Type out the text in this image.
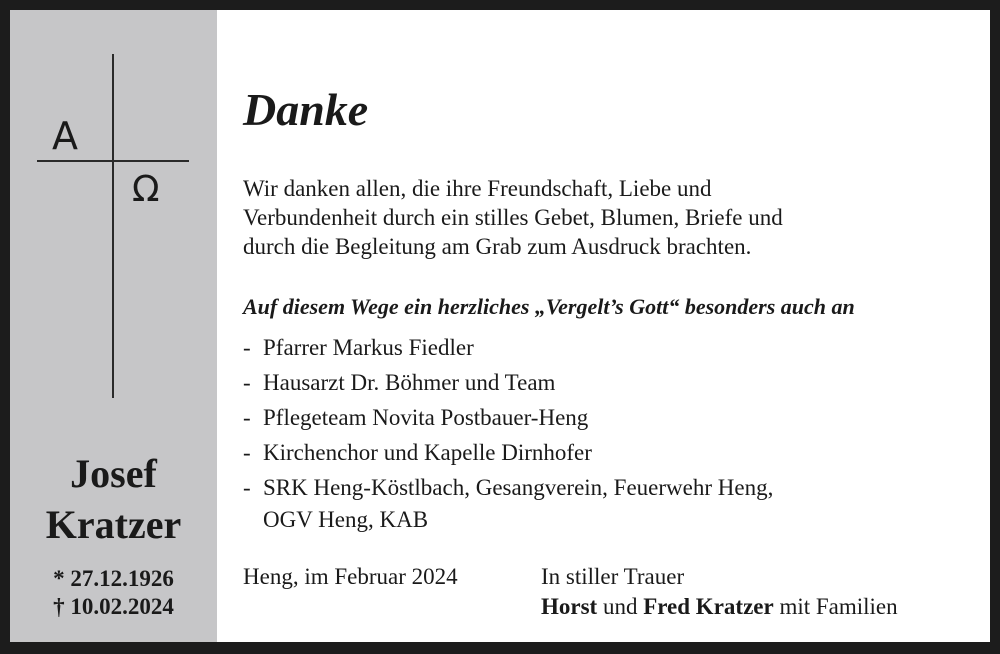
A
Ω
Josef
Kratzer
* 27.12.1926
† 10.02.2024
Danke
Wir danken allen, die ihre Freundschaft, Liebe und
Verbundenheit durch ein stilles Gebet, Blumen, Briefe und
durch die Begleitung am Grab zum Ausdruck brachten.
Auf diesem Wege ein herzliches „Vergelt’s Gott“ besonders auch an
- Pfarrer Markus Fiedler
- Hausarzt Dr. Böhmer und Team
- Pflegeteam Novita Postbauer-Heng
- Kirchenchor und Kapelle Dirnhofer
- SRK Heng-Köstlbach, Gesangverein, Feuerwehr Heng,
OGV Heng, KAB
Heng, im Februar 2024	In stiller Trauer
Horst und Fred Kratzer mit Familien
